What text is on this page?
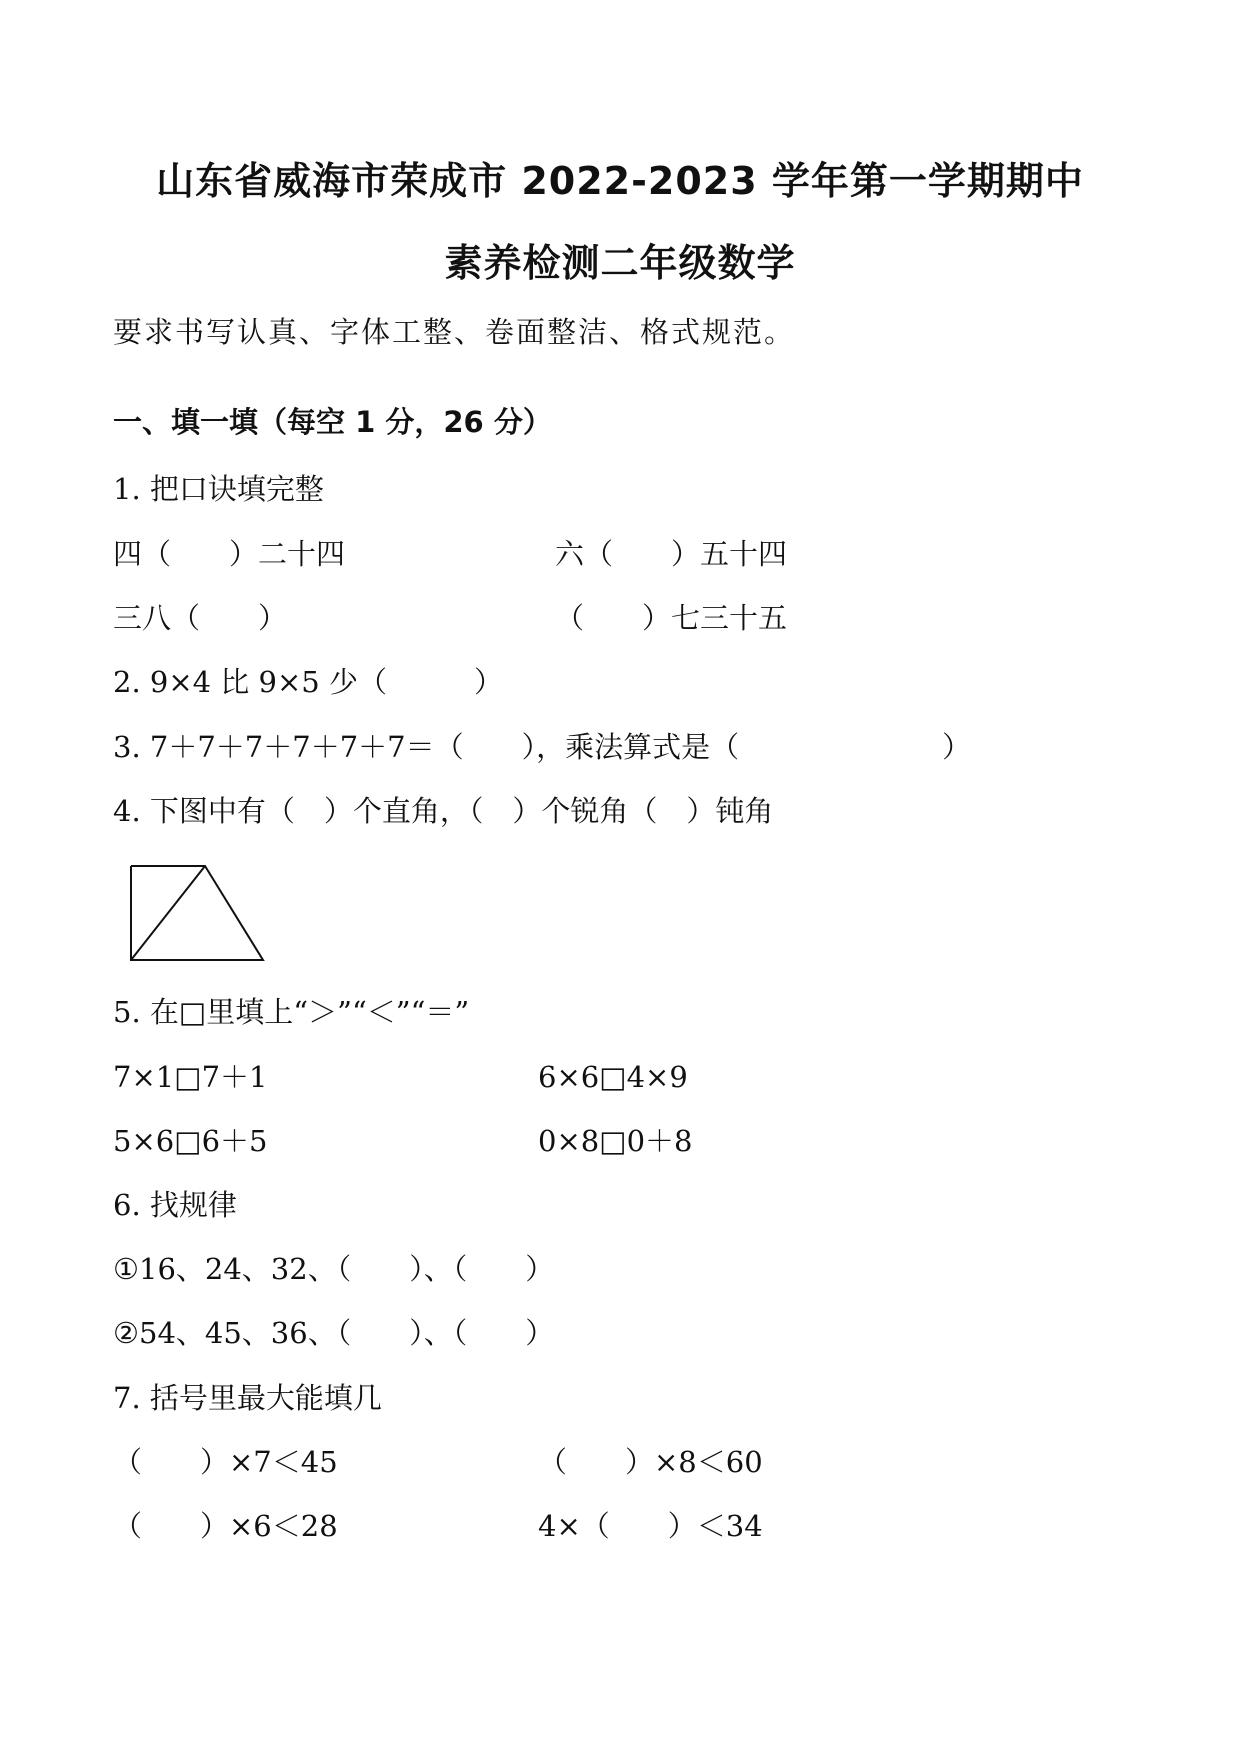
山东省威海市荣成市 2022-2023 学年第一学期期中
素养检测二年级数学
要求书写认真、字体工整、卷面整洁、格式规范。
一、填一填（每空 1 分，26 分）
1. 把口诀填完整
四（　　）二十四	六（　　）五十四
三八（　　）	（　　）七三十五
2. 9×4 比 9×5 少（　　　）
3. 7＋7＋7＋7＋7＋7＝（　　），乘法算式是（　　　　　　　）
4. 下图中有（　）个直角，（　）个锐角（　）钝角
5. 在□里填上“＞”“＜”“＝”
7×1□7＋1	6×6□4×9
5×6□6＋5	0×8□0＋8
6. 找规律
①16、24、32、（　　）、（　　）
②54、45、36、（　　）、（　　）
7. 括号里最大能填几
（　　）×7＜45	（　　）×8＜60
（　　）×6＜28	4×（　　）＜34
